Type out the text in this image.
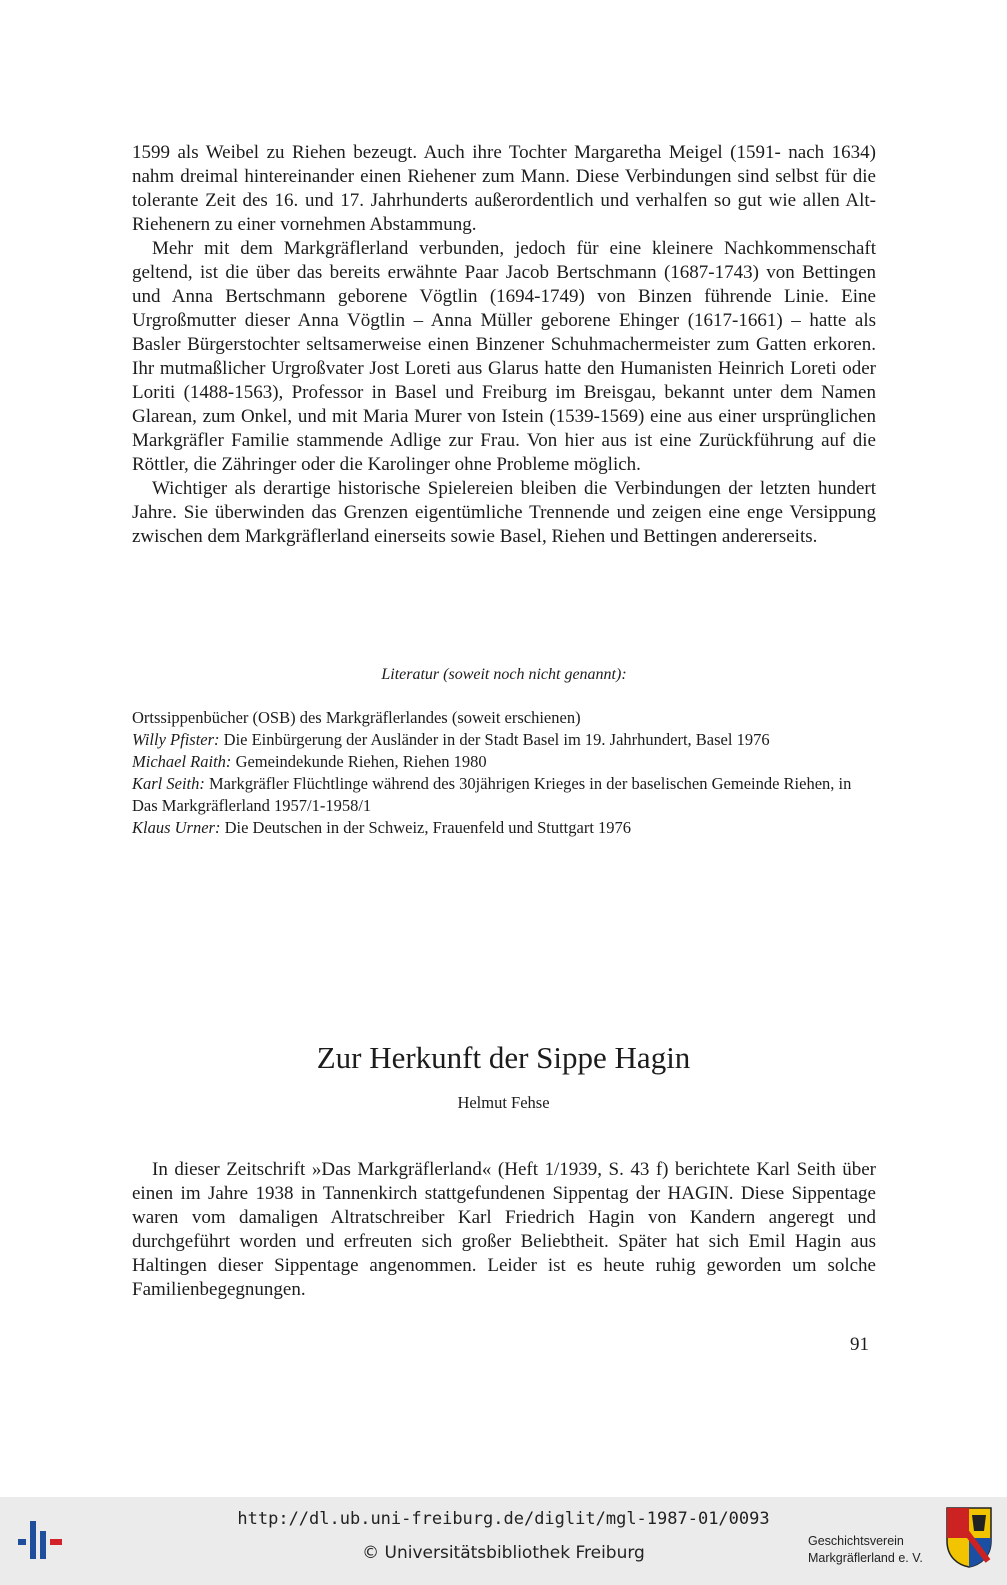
1599 als Weibel zu Riehen bezeugt. Auch ihre Tochter Margaretha Meigel (1591- nach 1634) nahm dreimal hintereinander einen Riehener zum Mann. Diese Verbindungen sind selbst für die tolerante Zeit des 16. und 17. Jahrhunderts außerordentlich und verhalfen so gut wie allen Alt-Riehenern zu einer vornehmen Abstammung.

Mehr mit dem Markgräflerland verbunden, jedoch für eine kleinere Nachkommenschaft geltend, ist die über das bereits erwähnte Paar Jacob Bertschmann (1687-1743) von Bettingen und Anna Bertschmann geborene Vögtlin (1694-1749) von Binzen führende Linie. Eine Urgroßmutter dieser Anna Vögtlin – Anna Müller geborene Ehinger (1617-1661) – hatte als Basler Bürgerstochter seltsamerweise einen Binzener Schuhmachermeister zum Gatten erkoren. Ihr mutmaßlicher Urgroßvater Jost Loreti aus Glarus hatte den Humanisten Heinrich Loreti oder Loriti (1488-1563), Professor in Basel und Freiburg im Breisgau, bekannt unter dem Namen Glarean, zum Onkel, und mit Maria Murer von Istein (1539-1569) eine aus einer ursprünglichen Markgräfler Familie stammende Adlige zur Frau. Von hier aus ist eine Zurückführung auf die Röttler, die Zähringer oder die Karolinger ohne Probleme möglich.

Wichtiger als derartige historische Spielereien bleiben die Verbindungen der letzten hundert Jahre. Sie überwinden das Grenzen eigentümliche Trennende und zeigen eine enge Versippung zwischen dem Markgräflerland einerseits sowie Basel, Riehen und Bettingen andererseits.

Literatur (soweit noch nicht genannt):
Ortssippenbücher (OSB) des Markgräflerlandes (soweit erschienen)
Willy Pfister: Die Einbürgerung der Ausländer in der Stadt Basel im 19. Jahrhundert, Basel 1976
Michael Raith: Gemeindekunde Riehen, Riehen 1980
Karl Seith: Markgräfler Flüchtlinge während des 30jährigen Krieges in der baselischen Gemeinde Riehen, in Das Markgräflerland 1957/1-1958/1
Klaus Urner: Die Deutschen in der Schweiz, Frauenfeld und Stuttgart 1976
Zur Herkunft der Sippe Hagin
Helmut Fehse

In dieser Zeitschrift »Das Markgräflerland« (Heft 1/1939, S. 43 f) berichtete Karl Seith über einen im Jahre 1938 in Tannenkirch stattgefundenen Sippentag der HAGIN. Diese Sippentage waren vom damaligen Altratschreiber Karl Friedrich Hagin von Kandern angeregt und durchgeführt worden und erfreuten sich großer Beliebtheit. Später hat sich Emil Hagin aus Haltingen dieser Sippentage angenommen. Leider ist es heute ruhig geworden um solche Familienbegegnungen.

91
http://dl.ub.uni-freiburg.de/diglit/mgl-1987-01/0093
© Universitätsbibliothek Freiburg
Geschichtsverein
Markgräflerland e. V.
